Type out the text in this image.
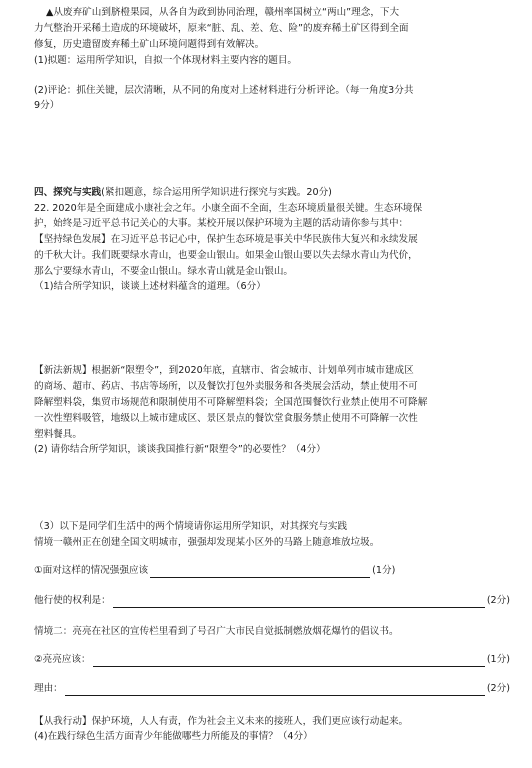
▲从废弃矿山到脐橙果园，从各自为政到协同治理，赣州率国树立“两山”理念，下大
力气整治开采稀土造成的环境破坏，原来“脏、乱、差、危、险”的废弃稀土矿区得到全面
修复，历史遗留废弃稀土矿山环境问题得到有效解决。
(1)拟题：运用所学知识，自拟一个体现材料主要内容的题目。
(2)评论：抓住关键，层次清晰，从不同的角度对上述材料进行分析评论。（每一角度3分共
9分）
四、探究与实践(紧扣题意，综合运用所学知识进行探究与实践。20分)
22. 2020年是全面建成小康社会之年。小康全面不全面，生态环境质量很关键。生态环境保
护，始终是习近平总书记关心的大事。某校开展以保护环境为主题的活动请你参与其中：
【坚持绿色发展】在习近平总书记心中，保护生态环境是事关中华民族伟大复兴和永续发展
的千秋大计。我们既要绿水青山，也要金山银山。如果金山银山要以失去绿水青山为代价，
那么宁要绿水青山，不要金山银山。绿水青山就是金山银山。
（1)结合所学知识，谈谈上述材料蕴含的道理。（6分）
【新法新规】根据新“限塑令”，到2020年底，直辖市、省会城市、计划单列市城市建成区
的商场、超市、药店、书店等场所，以及餐饮打包外卖服务和各类展会活动，禁止使用不可
降解塑料袋，集贸市场规范和限制使用不可降解塑料袋；全国范围餐饮行业禁止使用不可降解
一次性塑料吸管，地级以上城市建成区、景区景点的餐饮堂食服务禁止使用不可降解一次性
塑料餐具。
(2) 请你结合所学知识，谈谈我国推行新“限塑令”的必要性？（4分）
（3）以下是同学们生活中的两个情境请你运用所学知识，对其探究与实践
情境一赣州正在创建全国文明城市，强强却发现某小区外的马路上随意堆放垃圾。
①面对这样的情况强强应该	(1分)
他行使的权利是：	(2分)
情境二：亮亮在社区的宣传栏里看到了号召广大市民自觉抵制燃放烟花爆竹的倡议书。
②亮亮应该：	(1分)
理由：	(2分)
【从我行动】保护环境，人人有责，作为社会主义未来的接班人，我们更应该行动起来。
(4)在践行绿色生活方面青少年能做哪些力所能及的事情？（4分）
